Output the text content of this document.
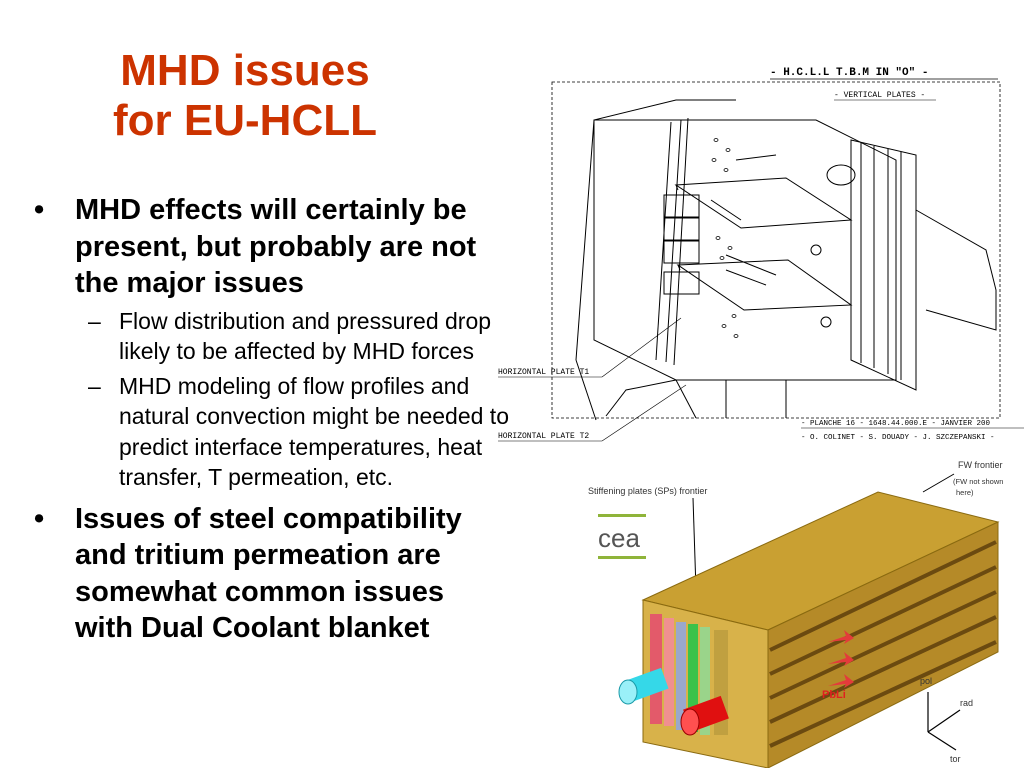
MHD issues
for EU-HCLL
• MHD effects will certainly be present, but probably are not the major issues
– Flow distribution and pressured drop likely to be affected by MHD forces
– MHD modeling of flow profiles and natural convection might be needed to predict interface temperatures, heat transfer, T permeation, etc.
• Issues of steel compatibility and tritium permeation are somewhat common issues with Dual Coolant blanket
- H.C.L.L T.B.M IN "O" -
- VERTICAL PLATES -
HORIZONTAL PLATE T1
HORIZONTAL PLATE T2
- PLANCHE 16 - 1648.44.000.E - JANVIER 200
- O. COLINET - S. DOUADY - J. SZCZEPANSKI -
Stiffening plates (SPs) frontier
FW frontier
(FW not shown
here)
cea
PbLi
pol
rad
tor
